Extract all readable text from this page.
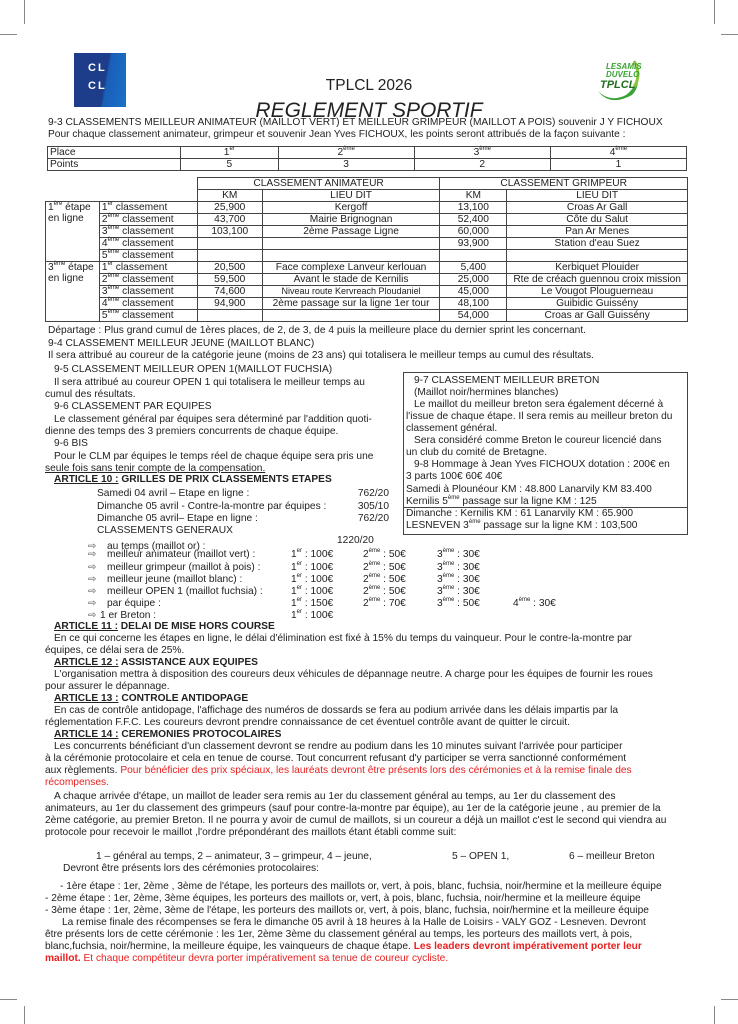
CL
CL
LESAMIS
DUVELO
TPLCL
TPLCL 2026
REGLEMENT SPORTIF
9-3 CLASSEMENTS MEILLEUR ANIMATEUR (MAILLOT VERT) ET MEILLEUR GRIMPEUR (MAILLOT A POIS) souvenir J Y FICHOUX
Pour chaque classement animateur, grimpeur et souvenir Jean Yves FICHOUX, les points seront attribués de la façon suivante :
Place	1er	2ème	3ème	4ème
Points	5	3	2	1
		CLASSEMENT ANIMATEUR		CLASSEMENT GRIMPEUR	
		KM	LIEU DIT	KM	LIEU DIT
1ère étape
en ligne	1er classement	25,900	Kergoff	13,100	Croas Ar Gall
	2ème classement	43,700	Mairie Brignognan	52,400	Côte du Salut
	3ème classement	103,100	2ème Passage Ligne	60,000	Pan Ar Menes
	4ème classement			93,900	Station d'eau Suez
	5ème classement				
3ème étape
en ligne	1er classement	20,500	Face complexe Lanveur kerlouan	5,400	Kerbiquet Plouider
	2ème classement	59,500	Avant le stade de Kernilis	25,000	Rte de créach guennou croix mission
	3ème classement	74,600	Niveau route Kervreach Ploudaniel	45,000	Le Vougot Plouguerneau
	4ème classement	94,900	2ème passage sur la ligne 1er tour	48,100	Guibidic Guissény
	5ème classement			54,000	Croas ar Gall Guissény
Départage : Plus grand cumul de 1ères places, de 2, de 3, de 4 puis la meilleure place du dernier sprint les concernant.
9-4 CLASSEMENT MEILLEUR JEUNE (MAILLOT BLANC)
Il sera attribué au coureur de la catégorie jeune (moins de 23 ans) qui totalisera le meilleur temps au cumul des résultats.
9-5 CLASSEMENT MEILLEUR OPEN 1(MAILLOT FUCHSIA)
Il sera attribué au coureur OPEN 1 qui totalisera le meilleur temps au
cumul des résultats.
9-6 CLASSEMENT PAR EQUIPES
Le classement général par équipes sera déterminé par l'addition quoti-
dienne des temps des 3 premiers concurrents de chaque équipe.
9-6 BIS
Pour le CLM par équipes le temps réel de chaque équipe sera pris une
seule fois sans tenir compte de la compensation.
ARTICLE 10 : GRILLES DE PRIX CLASSEMENTS ETAPES
9-7 CLASSEMENT MEILLEUR BRETON
(Maillot noir/hermines blanches)
Le maillot du meilleur breton sera également décerné à
l'issue de chaque étape. Il sera remis au meilleur breton du
classement général.
Sera considéré comme Breton le coureur licencié dans
un club du comité de Bretagne.
9-8 Hommage à Jean Yves FICHOUX dotation : 200€ en
3 parts 100€ 60€ 40€
Samedi à Plounéour KM : 48.800 Lanarvily KM 83.400
Kernilis 5ème passage sur la ligne KM : 125
Dimanche : Kernilis KM : 61 Lanarvily KM : 65.900
LESNEVEN 3ème passage sur la ligne KM : 103,500
Samedi 04 avril – Etape en ligne :	762/20
Dimanche 05 avril - Contre-la-montre par équipes :	305/10
Dimanche 05 avril– Etape en ligne :	762/20
CLASSEMENTS GENERAUX
1220/20
⇨ au temps (maillot or) :
⇨ meilleur animateur (maillot vert) :	1er : 100€	2ème : 50€	3ème : 30€
⇨ meilleur grimpeur (maillot à pois) :	1er : 100€	2ème : 50€	3ème : 30€
⇨ meilleur jeune (maillot blanc) :	1er : 100€	2ème : 50€	3ème : 30€
⇨ meilleur OPEN 1 (maillot fuchsia) :	1er : 100€	2ème : 50€	3ème : 30€
⇨ par équipe :	1er : 150€	2ème : 70€	3ème : 50€	4ème : 30€
⇨ 1 er Breton :	1er : 100€
ARTICLE 11 : DELAI DE MISE HORS COURSE
En ce qui concerne les étapes en ligne, le délai d'élimination est fixé à 15% du temps du vainqueur. Pour le contre-la-montre par
équipes, ce délai sera de 25%.
ARTICLE 12 : ASSISTANCE AUX EQUIPES
L'organisation mettra à disposition des coureurs deux véhicules de dépannage neutre. A charge pour les équipes de fournir les roues
pour assurer le dépannage.
ARTICLE 13 : CONTROLE ANTIDOPAGE
En cas de contrôle antidopage, l'affichage des numéros de dossards se fera au podium arrivée dans les délais impartis par la
réglementation F.F.C. Les coureurs devront prendre connaissance de cet éventuel contrôle avant de quitter le circuit.
ARTICLE 14 : CEREMONIES PROTOCOLAIRES
Les concurrents bénéficiant d'un classement devront se rendre au podium dans les 10 minutes suivant l'arrivée pour participer
à la cérémonie protocolaire et cela en tenue de course. Tout concurrent refusant d'y participer se verra sanctionné conformément
aux règlements. Pour bénéficier des prix spéciaux, les lauréats devront être présents lors des cérémonies et à la remise finale des
récompenses.
A chaque arrivée d'étape, un maillot de leader sera remis au 1er du classement général au temps, au 1er du classement des
animateurs, au 1er du classement des grimpeurs (sauf pour contre-la-montre par équipe), au 1er de la catégorie jeune , au premier de la
2ème catégorie, au premier Breton. Il ne pourra y avoir de cumul de maillots, si un coureur a déjà un maillot c'est le second qui viendra au
protocole pour recevoir le maillot ,l'ordre prépondérant des maillots étant établi comme suit:
1 – général au temps, 2 – animateur, 3 – grimpeur, 4 – jeune,	5 – OPEN 1,	6 – meilleur Breton
Devront être présents lors des cérémonies protocolaires:
- 1ère étape : 1er, 2ème , 3ème de l'étape, les porteurs des maillots or, vert, à pois, blanc, fuchsia, noir/hermine et la meilleure équipe
- 2ème étape : 1er, 2ème, 3ème équipes, les porteurs des maillots or, vert, à pois, blanc, fuchsia, noir/hermine et la meilleure équipe
- 3ème étape : 1er, 2ème, 3ème de l'étape, les porteurs des maillots or, vert, à pois, blanc, fuchsia, noir/hermine et la meilleure équipe
La remise finale des récompenses se fera le dimanche 05 avril à 18 heures à la Halle de Loisirs - VALY GOZ - Lesneven. Devront
être présents lors de cette cérémonie : les 1er, 2ème 3ème du classement général au temps, les porteurs des maillots vert, à pois,
blanc,fuchsia, noir/hermine, la meilleure équipe, les vainqueurs de chaque étape. Les leaders devront impérativement porter leur
maillot. Et chaque compétiteur devra porter impérativement sa tenue de coureur cycliste.
